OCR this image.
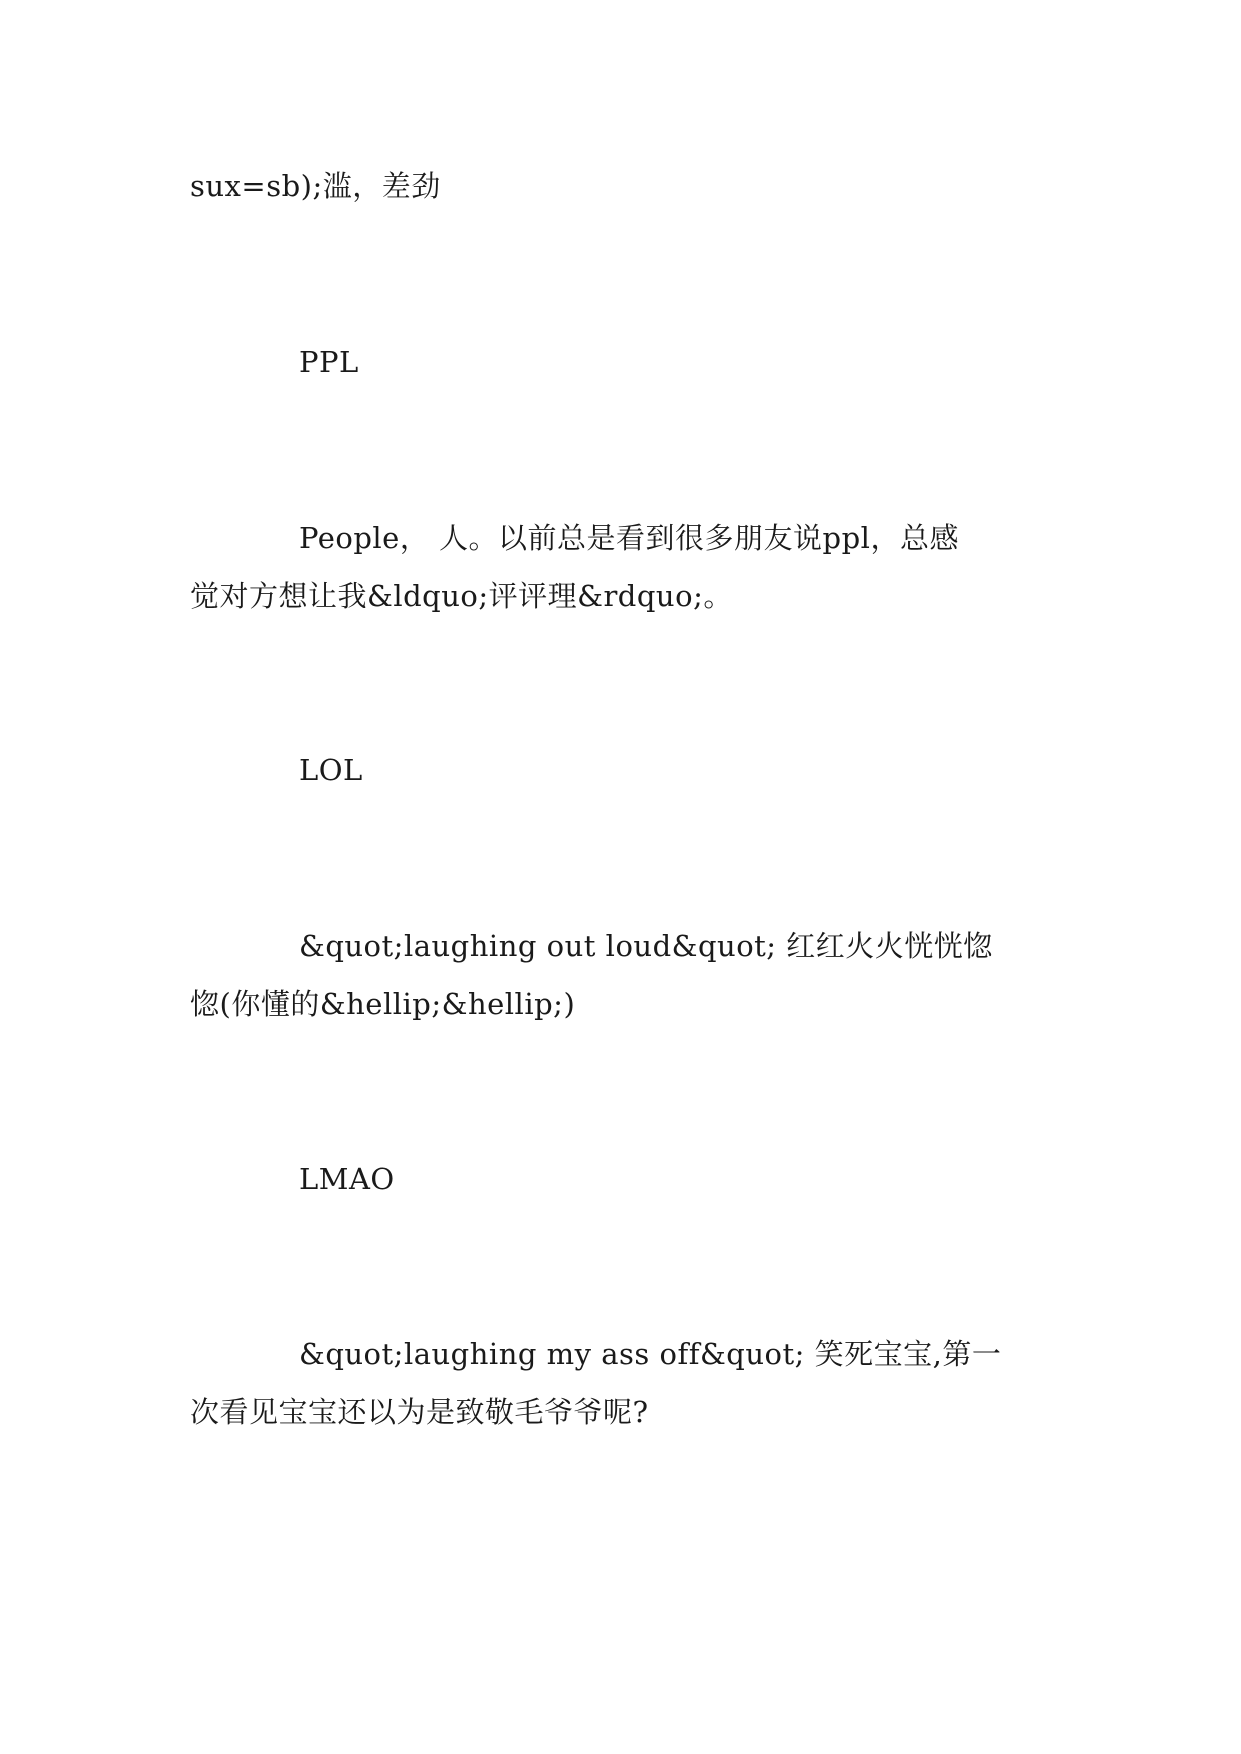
sux=sb);滥，差劲
PPL
People， 人。以前总是看到很多朋友说ppl，总感
觉对方想让我&ldquo;评评理&rdquo;。
LOL
&quot;laughing out loud&quot; 红红火火恍恍惚
惚(你懂的&hellip;&hellip;)
LMAO
&quot;laughing my ass off&quot; 笑死宝宝,第一
次看见宝宝还以为是致敬毛爷爷呢?
